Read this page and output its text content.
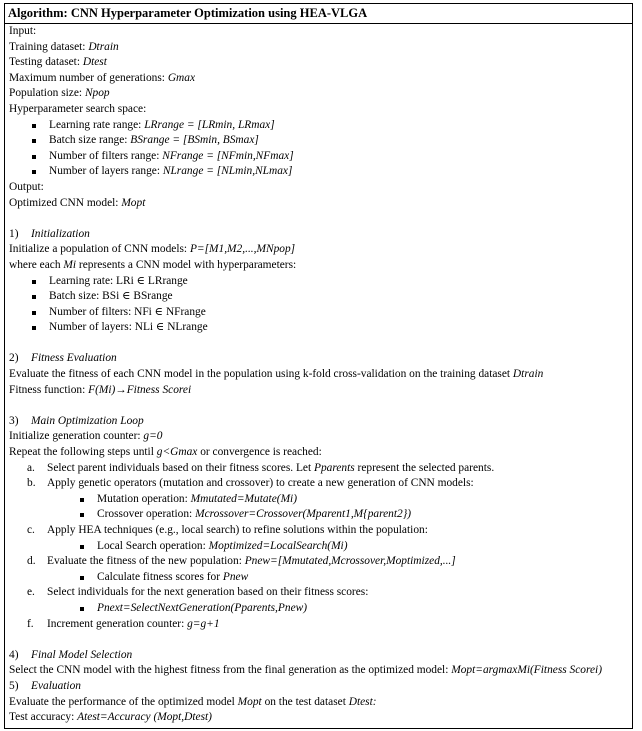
Algorithm: CNN Hyperparameter Optimization using HEA-VLGA
Input:
Training dataset: Dtrain
Testing dataset: Dtest
Maximum number of generations: Gmax
Population size: Npop
Hyperparameter search space:
Learning rate range: LRrange = [LRmin, LRmax]
Batch size range: BSrange = [BSmin, BSmax]
Number of filters range: NFrange = [NFmin,NFmax]
Number of layers range: NLrange = [NLmin,NLmax]
Output:
Optimized CNN model: Mopt
1) Initialization
Initialize a population of CNN models: P=[M1,M2,...,MNpop]
where each Mi represents a CNN model with hyperparameters:
Learning rate: LRi ∈ LRrange
Batch size: BSi ∈ BSrange
Number of filters: NFi ∈ NFrange
Number of layers: NLi ∈ NLrange
2) Fitness Evaluation
Evaluate the fitness of each CNN model in the population using k-fold cross-validation on the training dataset Dtrain
Fitness function: F(Mi)→Fitness Scorei
3) Main Optimization Loop
Initialize generation counter: g=0
Repeat the following steps until g<Gmax or convergence is reached:
a. Select parent individuals based on their fitness scores. Let Pparents represent the selected parents.
b. Apply genetic operators (mutation and crossover) to create a new generation of CNN models:
Mutation operation: Mmutated=Mutate(Mi)
Crossover operation: Mcrossover=Crossover(Mparent1,M{parent2})
c. Apply HEA techniques (e.g., local search) to refine solutions within the population:
Local Search operation: Moptimized=LocalSearch(Mi)
d. Evaluate the fitness of the new population: Pnew=[Mmutated,Mcrossover,Moptimized,...]
Calculate fitness scores for Pnew
e. Select individuals for the next generation based on their fitness scores:
Pnext=SelectNextGeneration(Pparents,Pnew)
f. Increment generation counter: g=g+1
4) Final Model Selection
Select the CNN model with the highest fitness from the final generation as the optimized model: Mopt=argmaxMi(Fitness Scorei)
5) Evaluation
Evaluate the performance of the optimized model Mopt on the test dataset Dtest:
Test accuracy: Atest=Accuracy (Mopt,Dtest)
